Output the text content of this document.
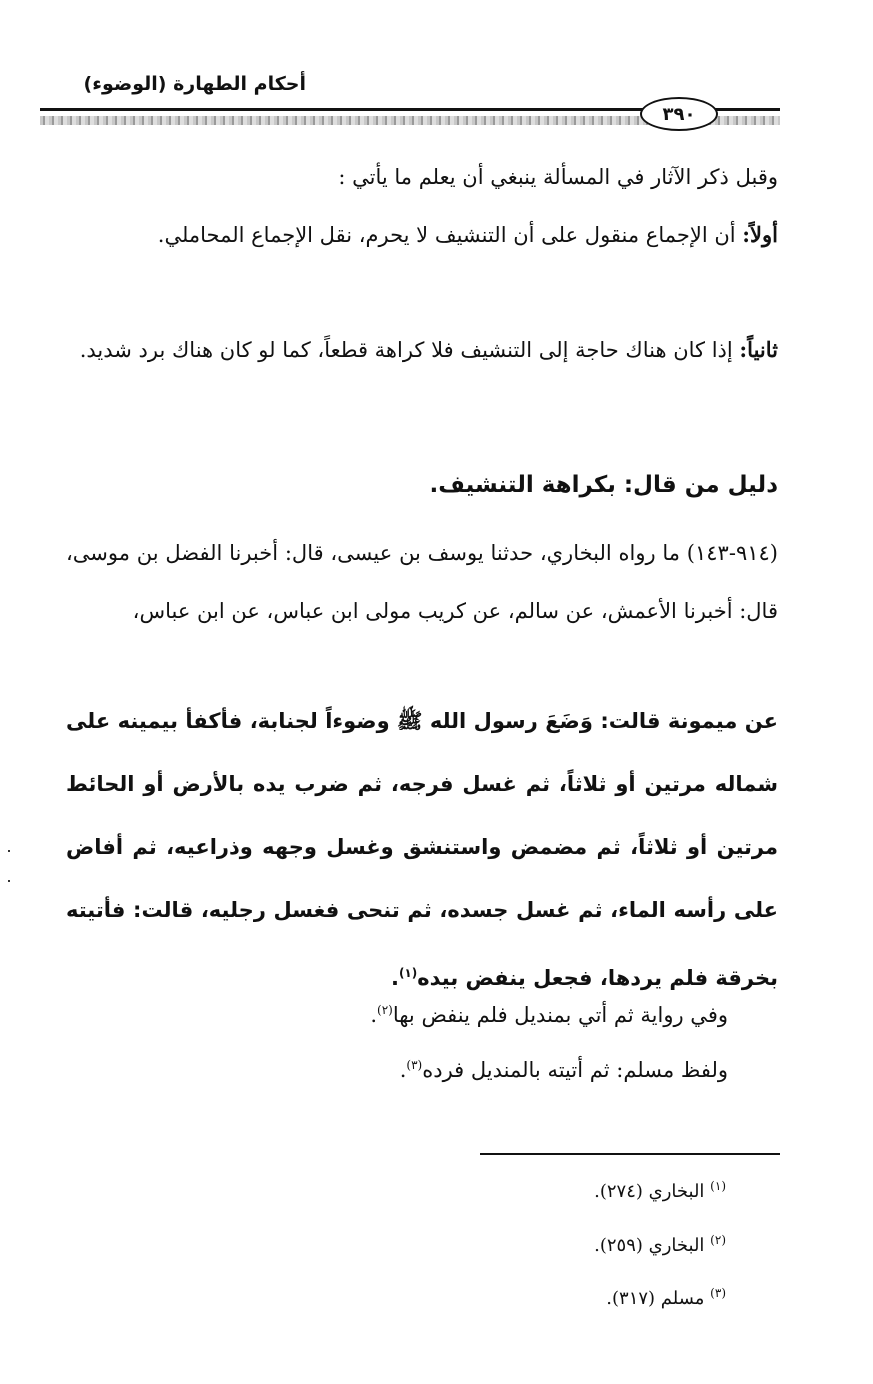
أحكام الطهارة (الوضوء)
٣٩٠
وقبل ذكر الآثار في المسألة ينبغي أن يعلم ما يأتي :
أولاً: أن الإجماع منقول على أن التنشيف لا يحرم، نقل الإجماع المحاملي.
ثانياً: إذا كان هناك حاجة إلى التنشيف فلا كراهة قطعاً، كما لو كان هناك برد شديد.
دليل من قال: بكراهة التنشيف.
(٩١٤-١٤٣) ما رواه البخاري، حدثنا يوسف بن عيسى، قال: أخبرنا الفضل بن موسى، قال: أخبرنا الأعمش، عن سالم، عن كريب مولى ابن عباس، عن ابن عباس،
عن ميمونة قالت: وَضَعَ رسول الله ﷺ وضوءاً لجنابة، فأكفأ بيمينه على شماله مرتين أو ثلاثاً، ثم غسل فرجه، ثم ضرب يده بالأرض أو الحائط مرتين أو ثلاثاً، ثم مضمض واستنشق وغسل وجهه وذراعيه، ثم أفاض على رأسه الماء، ثم غسل جسده، ثم تنحى فغسل رجليه، قالت: فأتيته بخرقة فلم يردها، فجعل ينفض بيده$^{(١)}$.
وفي رواية ثم أتي بمنديل فلم ينفض بها$^{(٢)}$.
ولفظ مسلم: ثم أتيته بالمنديل فرده$^{(٣)}$.
$^{(١)}$ البخاري (٢٧٤).
$^{(٢)}$ البخاري (٢٥٩).
$^{(٣)}$ مسلم (٣١٧).
